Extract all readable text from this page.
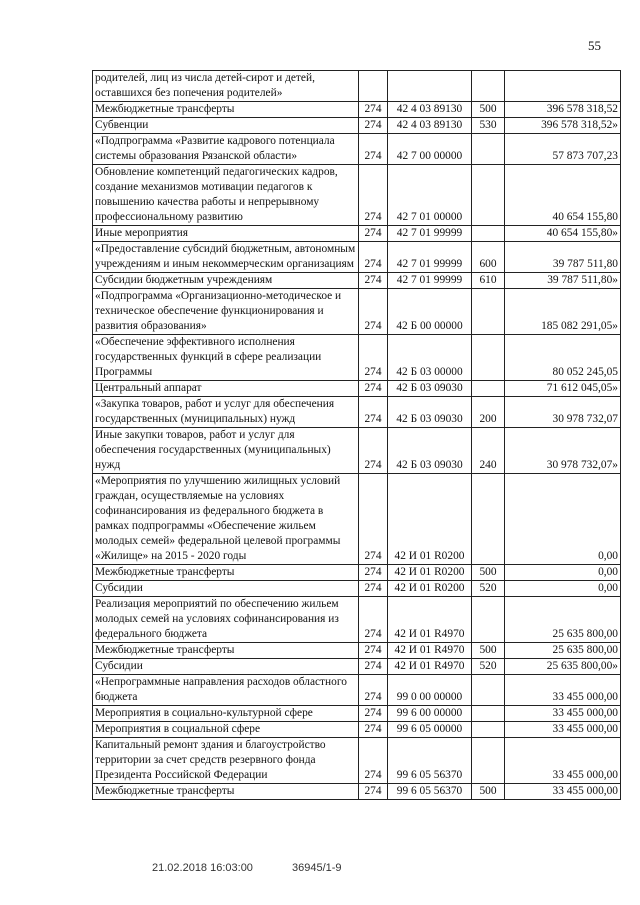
55
родителей, лиц из числа детей-сирот и детей, оставшихся без попечения родителей»				
Межбюджетные трансферты	274	42 4 03 89130	500	396 578 318,52
Субвенции	274	42 4 03 89130	530	396 578 318,52»
«Подпрограмма «Развитие кадрового потенциала системы образования Рязанской области»	274	42 7 00 00000		57 873 707,23
Обновление компетенций педагогических кадров, создание механизмов мотивации педагогов к повышению качества работы и непрерывному профессиональному развитию	274	42 7 01 00000		40 654 155,80
Иные мероприятия	274	42 7 01 99999		40 654 155,80»
«Предоставление субсидий бюджетным, автономным учреждениям и иным некоммерческим организациям	274	42 7 01 99999	600	39 787 511,80
Субсидии бюджетным учреждениям	274	42 7 01 99999	610	39 787 511,80»
«Подпрограмма «Организационно-методическое и техническое обеспечение функционирования и развития образования»	274	42 Б 00 00000		185 082 291,05»
«Обеспечение эффективного исполнения государственных функций в сфере реализации Программы	274	42 Б 03 00000		80 052 245,05
Центральный аппарат	274	42 Б 03 09030		71 612 045,05»
«Закупка товаров, работ и услуг для обеспечения государственных (муниципальных) нужд	274	42 Б 03 09030	200	30 978 732,07
Иные закупки товаров, работ и услуг для обеспечения государственных (муниципальных) нужд	274	42 Б 03 09030	240	30 978 732,07»
«Мероприятия по улучшению жилищных условий граждан, осуществляемые на условиях софинансирования из федерального бюджета в рамках подпрограммы «Обеспечение жильем молодых семей» федеральной целевой программы «Жилище» на 2015 - 2020 годы	274	42 И 01 R0200		0,00
Межбюджетные трансферты	274	42 И 01 R0200	500	0,00
Субсидии	274	42 И 01 R0200	520	0,00
Реализация мероприятий по обеспечению жильем молодых семей на условиях софинансирования из федерального бюджета	274	42 И 01 R4970		25 635 800,00
Межбюджетные трансферты	274	42 И 01 R4970	500	25 635 800,00
Субсидии	274	42 И 01 R4970	520	25 635 800,00»
«Непрограммные направления расходов областного бюджета	274	99 0 00 00000		33 455 000,00
Мероприятия в социально-культурной сфере	274	99 6 00 00000		33 455 000,00
Мероприятия в социальной сфере	274	99 6 05 00000		33 455 000,00
Капитальный ремонт здания и благоустройство территории за счет средств резервного фонда Президента Российской Федерации	274	99 6 05 56370		33 455 000,00
Межбюджетные трансферты	274	99 6 05 56370	500	33 455 000,00
21.02.2018 16:03:00	36945/1-9
